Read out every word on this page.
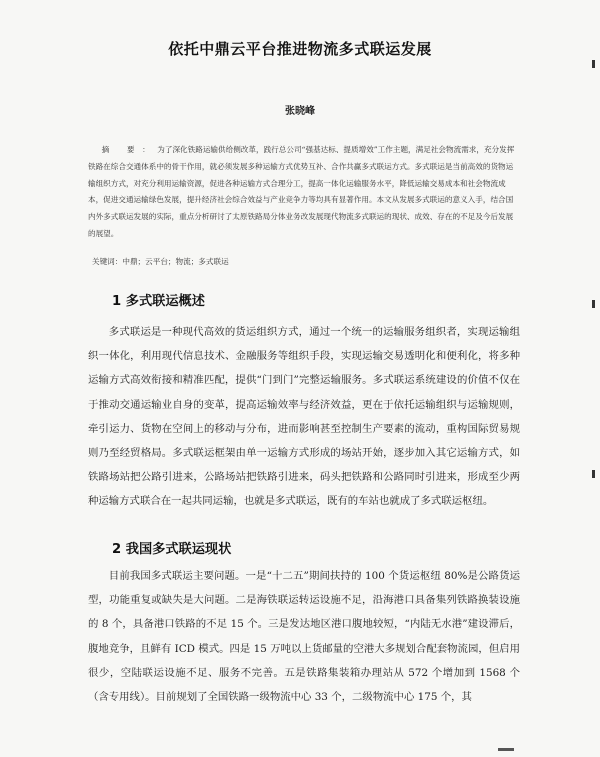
依托中鼎云平台推进物流多式联运发展
张晓峰

摘 要：为了深化铁路运输供给侧改革，践行总公司“强基达标、提质增效”工作主题，满足社会物流需求，充分发挥铁路在综合交通体系中的骨干作用，就必须发展多种运输方式优势互补、合作共赢多式联运方式。多式联运是当前高效的货物运输组织方式，对充分利用运输资源，促进各种运输方式合理分工，提高一体化运输服务水平，降低运输交易成本和社会物流成本，促进交通运输绿色发展，提升经济社会综合效益与产业竞争力等均具有显著作用。本文从发展多式联运的意义入手，结合国内外多式联运发展的实际，重点分析研讨了太原铁路局分体业务改发展现代物流多式联运的现状、成效、存在的不足及今后发展的展望。

关键词：中鼎；云平台；物流；多式联运

1 多式联运概述

多式联运是一种现代高效的货运组织方式，通过一个统一的运输服务组织者，实现运输组织一体化，利用现代信息技术、金融服务等组织手段，实现运输交易透明化和便利化，将多种运输方式高效衔接和精准匹配，提供“门到门”完整运输服务。多式联运系统建设的价值不仅在于推动交通运输业自身的变革，提高运输效率与经济效益，更在于依托运输组织与运输规则，牵引运力、货物在空间上的移动与分布，进而影响甚至控制生产要素的流动，重构国际贸易规则乃至经贸格局。多式联运框架由单一运输方式形成的场站开始，逐步加入其它运输方式，如铁路场站把公路引进来，公路场站把铁路引进来，码头把铁路和公路同时引进来，形成至少两种运输方式联合在一起共同运输，也就是多式联运，既有的车站也就成了多式联运枢纽。

2 我国多式联运现状

目前我国多式联运主要问题。一是“十二五”期间扶持的 100 个货运枢纽 80%是公路货运型，功能重复或缺失是大问题。二是海铁联运转运设施不足，沿海港口具备集列铁路换装设施的 8 个，具备港口铁路的不足 15 个。三是发达地区港口腹地较短，“内陆无水港”建设滞后，腹地竞争，且鲜有 ICD 模式。四是 15 万吨以上货邮量的空港大多规划合配套物流园，但启用很少，空陆联运设施不足、服务不完善。五是铁路集装箱办理站从 572 个增加到 1568 个（含专用线）。目前规划了全国铁路一级物流中心 33 个，二级物流中心 175 个，其
